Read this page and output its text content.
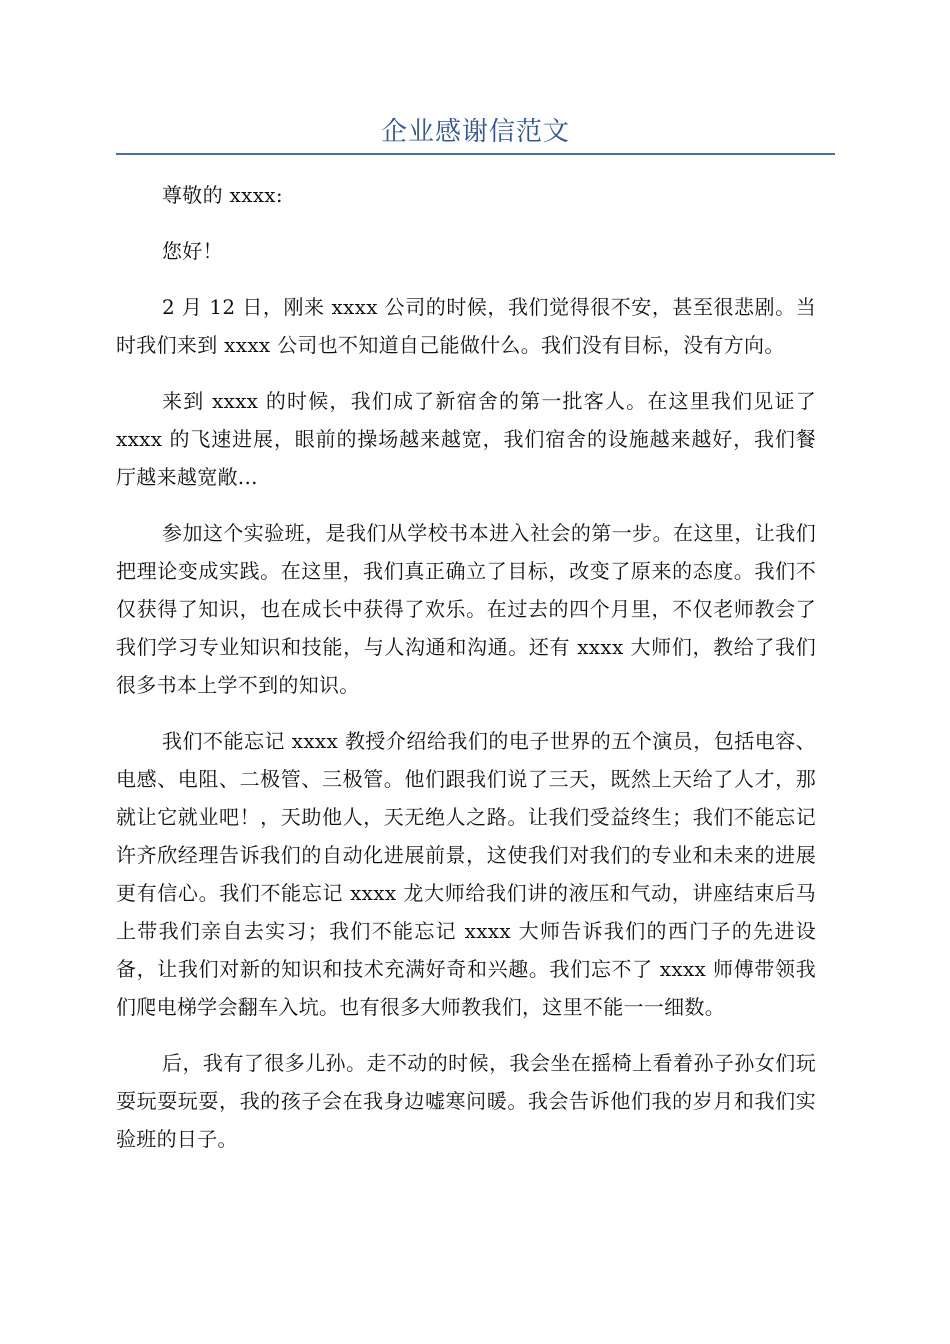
企业感谢信范文

尊敬的 xxxx:

您好！

2 月 12 日，刚来 xxxx 公司的时候，我们觉得很不安，甚至很悲剧。当时我们来到 xxxx 公司也不知道自己能做什么。我们没有目标，没有方向。

来到 xxxx 的时候，我们成了新宿舍的第一批客人。在这里我们见证了 xxxx 的飞速进展，眼前的操场越来越宽，我们宿舍的设施越来越好，我们餐厅越来越宽敞...

参加这个实验班，是我们从学校书本进入社会的第一步。在这里，让我们把理论变成实践。在这里，我们真正确立了目标，改变了原来的态度。我们不仅获得了知识，也在成长中获得了欢乐。在过去的四个月里，不仅老师教会了我们学习专业知识和技能，与人沟通和沟通。还有 xxxx 大师们，教给了我们很多书本上学不到的知识。

我们不能忘记 xxxx 教授介绍给我们的电子世界的五个演员，包括电容、电感、电阻、二极管、三极管。他们跟我们说了三天，既然上天给了人才，那就让它就业吧！，天助他人，天无绝人之路。让我们受益终生；我们不能忘记许齐欣经理告诉我们的自动化进展前景，这使我们对我们的专业和未来的进展更有信心。我们不能忘记 xxxx 龙大师给我们讲的液压和气动，讲座结束后马上带我们亲自去实习；我们不能忘记 xxxx 大师告诉我们的西门子的先进设备，让我们对新的知识和技术充满好奇和兴趣。我们忘不了 xxxx 师傅带领我们爬电梯学会翻车入坑。也有很多大师教我们，这里不能一一细数。

后，我有了很多儿孙。走不动的时候，我会坐在摇椅上看着孙子孙女们玩耍玩耍玩耍，我的孩子会在我身边嘘寒问暖。我会告诉他们我的岁月和我们实验班的日子。
